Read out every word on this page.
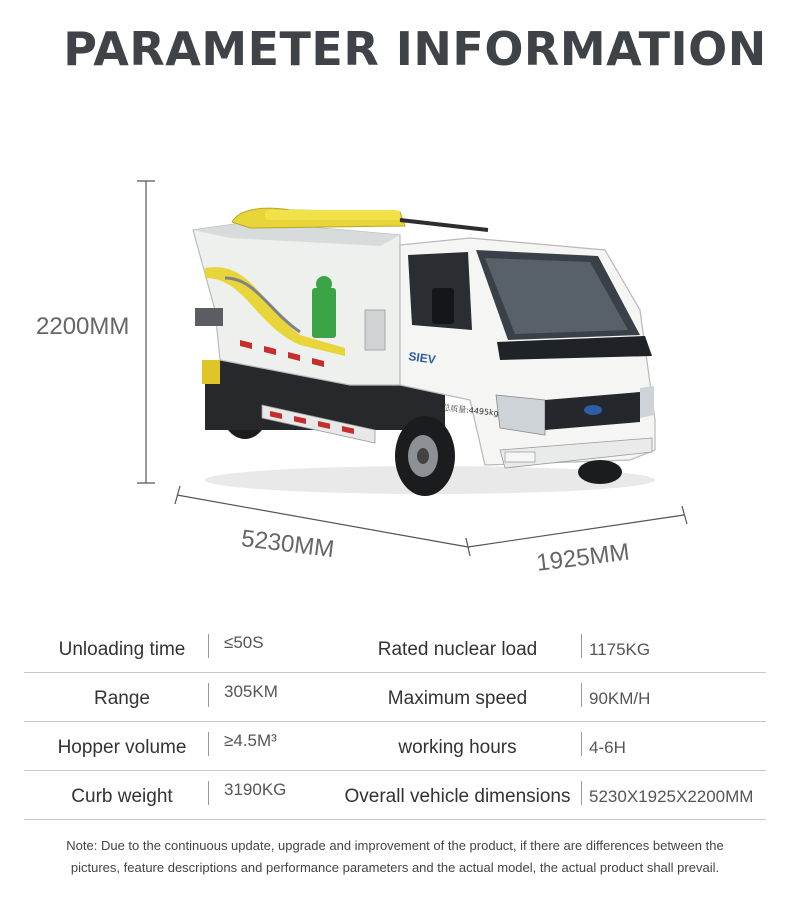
PARAMETER INFORMATION
SIEV
总质量:4495kg
2200MM
5230MM	1925MM
Unloading time	≤50S	Rated nuclear load	1175KG
Range	305KM	Maximum speed	90KM/H
Hopper volume	≥4.5M³	working hours	4-6H
Curb weight	3190KG	Overall vehicle dimensions	5230X1925X2200MM
Note: Due to the continuous update, upgrade and improvement of the product, if there are differences between the
pictures, feature descriptions and performance parameters and the actual model, the actual product shall prevail.
